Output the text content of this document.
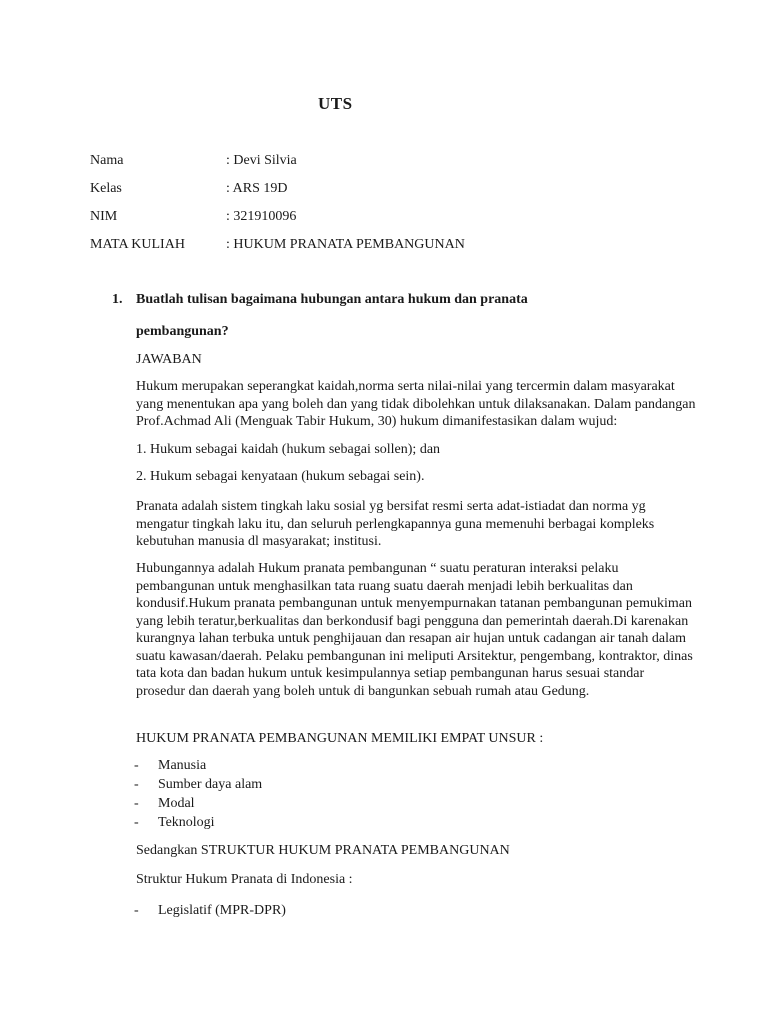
UTS
Nama	: Devi Silvia
Kelas	: ARS 19D
NIM	: 321910096
MATA KULIAH	: HUKUM PRANATA PEMBANGUNAN
1. Buatlah tulisan bagaimana hubungan antara hukum dan pranata
pembangunan?
JAWABAN
Hukum merupakan seperangkat kaidah,norma serta nilai-nilai yang tercermin dalam masyarakat yang menentukan apa yang boleh dan yang tidak dibolehkan untuk dilaksanakan. Dalam pandangan Prof.Achmad Ali (Menguak Tabir Hukum, 30) hukum dimanifestasikan dalam wujud:
1. Hukum sebagai kaidah (hukum sebagai sollen); dan
2. Hukum sebagai kenyataan (hukum sebagai sein).
Pranata adalah sistem tingkah laku sosial yg bersifat resmi serta adat-istiadat dan norma yg mengatur tingkah laku itu, dan seluruh perlengkapannya guna memenuhi berbagai kompleks kebutuhan manusia dl masyarakat; institusi.
Hubungannya adalah Hukum pranata pembangunan “ suatu peraturan interaksi pelaku pembangunan untuk menghasilkan tata ruang suatu daerah menjadi lebih berkualitas dan kondusif.Hukum pranata pembangunan untuk menyempurnakan tatanan pembangunan pemukiman yang lebih teratur,berkualitas dan berkondusif bagi pengguna dan pemerintah daerah.Di karenakan kurangnya lahan terbuka untuk penghijauan dan resapan air hujan untuk cadangan air tanah dalam suatu kawasan/daerah. Pelaku pembangunan ini meliputi Arsitektur, pengembang, kontraktor, dinas tata kota dan badan hukum untuk kesimpulannya setiap pembangunan harus sesuai standar prosedur dan daerah yang boleh untuk di bangunkan sebuah rumah atau Gedung.
HUKUM PRANATA PEMBANGUNAN MEMILIKI EMPAT UNSUR :
- Manusia
- Sumber daya alam
- Modal
- Teknologi
Sedangkan STRUKTUR HUKUM PRANATA PEMBANGUNAN
Struktur Hukum Pranata di Indonesia :
- Legislatif (MPR-DPR)
